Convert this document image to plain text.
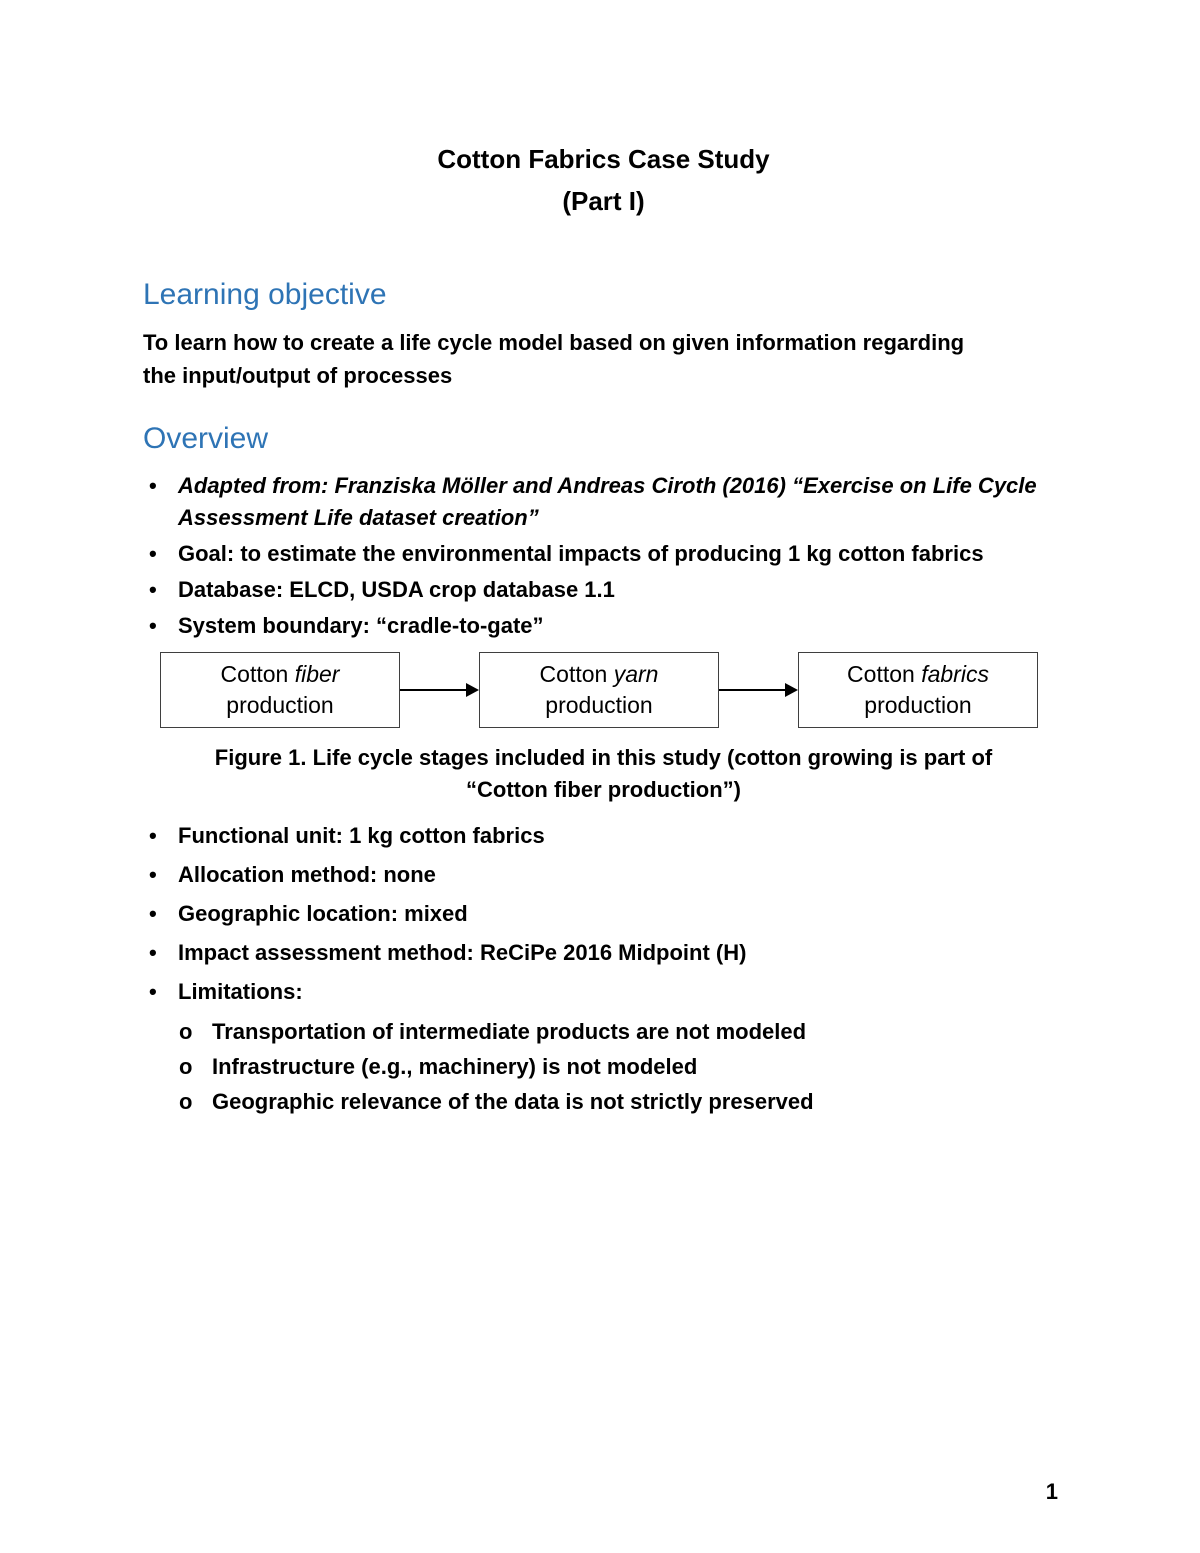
Cotton Fabrics Case Study
(Part I)
Learning objective

To learn how to create a life cycle model based on given information regarding the input/output of processes

Overview
• Adapted from: Franziska Möller and Andreas Ciroth (2016) “Exercise on Life Cycle Assessment Life dataset creation”
• Goal: to estimate the environmental impacts of producing 1 kg cotton fabrics
• Database: ELCD, USDA crop database 1.1
• System boundary: “cradle-to-gate”
Cotton fiber
production
Cotton yarn
production
Cotton fabrics
production

Figure 1. Life cycle stages included in this study (cotton growing is part of “Cotton fiber production”)

• Functional unit: 1 kg cotton fabrics
• Allocation method: none
• Geographic location: mixed
• Impact assessment method: ReCiPe 2016 Midpoint (H)
• Limitations:
o Transportation of intermediate products are not modeled
o Infrastructure (e.g., machinery) is not modeled
o Geographic relevance of the data is not strictly preserved
1
